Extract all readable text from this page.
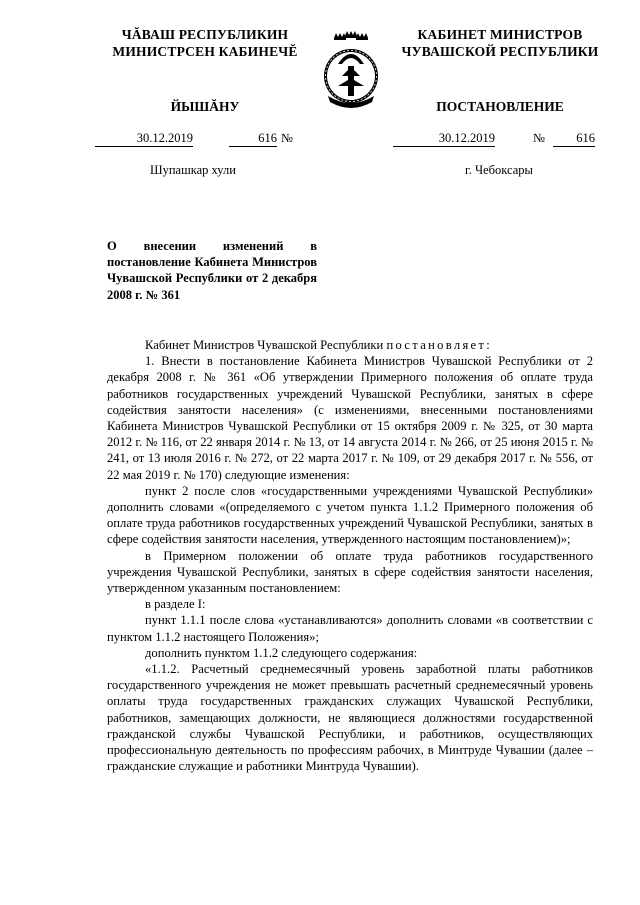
ЧĂВАШ РЕСПУБЛИКИН
МИНИСТРСЕН КАБИНЕЧĔ
КАБИНЕТ МИНИСТРОВ
ЧУВАШСКОЙ РЕСПУБЛИКИ
ЙЫШĂНУ	ПОСТАНОВЛЕНИЕ
30.12.2019	616 №	30.12.2019	№	616
Шупашкар хули	г. Чебоксары
О внесении изменений в постановление Кабинета Министров Чувашской Республики от 2 декабря 2008 г. № 361

Кабинет Министров Чувашской Республики постановляет:

1. Внести в постановление Кабинета Министров Чувашской Республики от 2 декабря 2008 г. № 361 «Об утверждении Примерного положения об оплате труда работников государственных учреждений Чувашской Республики, занятых в сфере содействия занятости населения» (с изменениями, внесенными постановлениями Кабинета Министров Чувашской Республики от 15 октября 2009 г. № 325, от 30 марта 2012 г. № 116, от 22 января 2014 г. № 13, от 14 августа 2014 г. № 266, от 25 июня 2015 г. № 241, от 13 июля 2016 г. № 272, от 22 марта 2017 г. № 109, от 29 декабря 2017 г. № 556, от 22 мая 2019 г. № 170) следующие изменения:

пункт 2 после слов «государственными учреждениями Чувашской Республики» дополнить словами «(определяемого с учетом пункта 1.1.2 Примерного положения об оплате труда работников государственных учреждений Чувашской Республики, занятых в сфере содействия занятости населения, утвержденного настоящим постановлением)»;

в Примерном положении об оплате труда работников государственного учреждения Чувашской Республики, занятых в сфере содействия занятости населения, утвержденном указанным постановлением:

в разделе I:

пункт 1.1.1 после слова «устанавливаются» дополнить словами «в соответствии с пунктом 1.1.2 настоящего Положения»;

дополнить пунктом 1.1.2 следующего содержания:

«1.1.2. Расчетный среднемесячный уровень заработной платы работников государственного учреждения не может превышать расчетный среднемесячный уровень оплаты труда государственных гражданских служащих Чувашской Республики, работников, замещающих должности, не являющиеся должностями государственной гражданской службы Чувашской Республики, и работников, осуществляющих профессиональную деятельность по профессиям рабочих, в Минтруде Чувашии (далее – гражданские служащие и работники Минтруда Чувашии).
